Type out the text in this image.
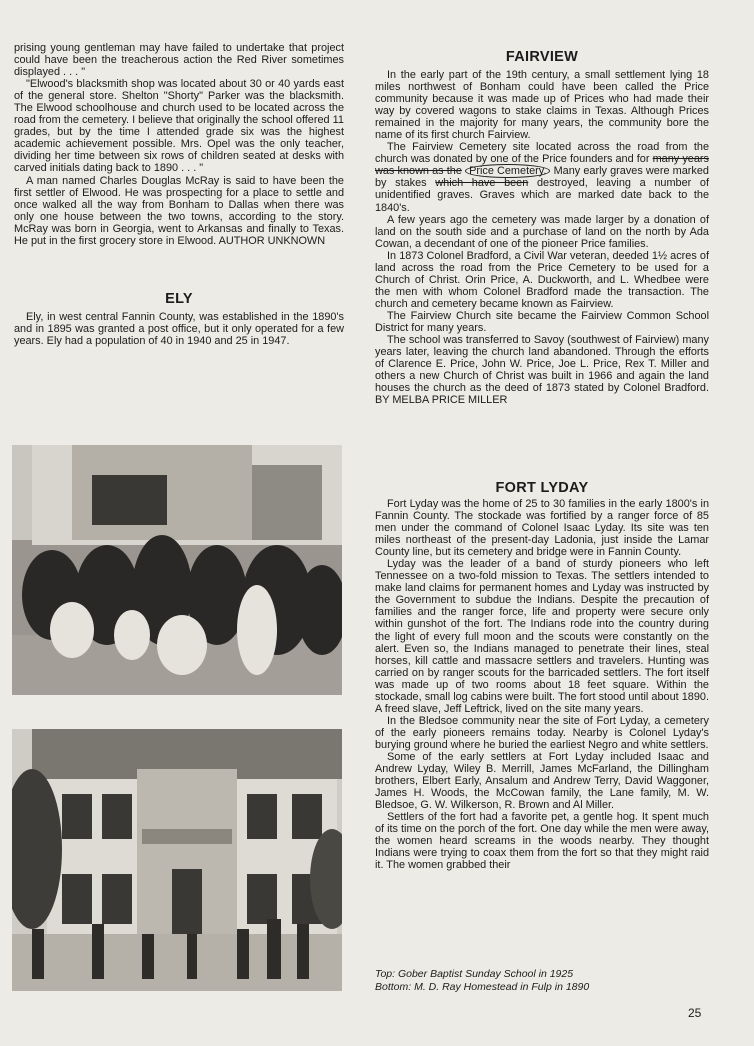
prising young gentleman may have failed to undertake that project could have been the treacherous action the Red River sometimes displayed . . . "

"Elwood's blacksmith shop was located about 30 or 40 yards east of the general store. Shelton "Shorty" Parker was the blacksmith. The Elwood schoolhouse and church used to be located across the road from the cemetery. I believe that originally the school offered 11 grades, but by the time I attended grade six was the highest academic achievement possible. Mrs. Opel was the only teacher, dividing her time between six rows of children seated at desks with carved initials dating back to 1890 . . . "

A man named Charles Douglas McRay is said to have been the first settler of Elwood. He was prospecting for a place to settle and once walked all the way from Bonham to Dallas when there was only one house between the two towns, according to the story. McRay was born in Georgia, went to Arkansas and finally to Texas. He put in the first grocery store in Elwood. AUTHOR UNKNOWN

ELY

Ely, in west central Fannin County, was established in the 1890's and in 1895 was granted a post office, but it only operated for a few years. Ely had a population of 40 in 1940 and 25 in 1947.

FAIRVIEW

In the early part of the 19th century, a small settlement lying 18 miles northwest of Bonham could have been called the Price community because it was made up of Prices who had made their way by covered wagons to stake claims in Texas. Although Prices remained in the majority for many years, the community bore the name of its first church Fairview.

The Fairview Cemetery site located across the road from the church was donated by one of the Price founders and for many years was known as the Price Cemetery. Many early graves were marked by stakes which have been destroyed, leaving a number of unidentified graves. Graves which are marked date back to the 1840's.

A few years ago the cemetery was made larger by a donation of land on the south side and a purchase of land on the north by Ada Cowan, a decendant of one of the pioneer Price families.

In 1873 Colonel Bradford, a Civil War veteran, deeded 1½ acres of land across the road from the Price Cemetery to be used for a Church of Christ. Orin Price, A. Duckworth, and L. Whedbee were the men with whom Colonel Bradford made the transaction. The church and cemetery became known as Fairview.

The Fairview Church site became the Fairview Common School District for many years.

The school was transferred to Savoy (southwest of Fairview) many years later, leaving the church land abandoned. Through the efforts of Clarence E. Price, John W. Price, Joe L. Price, Rex T. Miller and others a new Church of Christ was built in 1966 and again the land houses the church as the deed of 1873 stated by Colonel Bradford. BY MELBA PRICE MILLER

FORT LYDAY

Fort Lyday was the home of 25 to 30 families in the early 1800's in Fannin County. The stockade was fortified by a ranger force of 85 men under the command of Colonel Isaac Lyday. Its site was ten miles northeast of the present-day Ladonia, just inside the Lamar County line, but its cemetery and bridge were in Fannin County.

Lyday was the leader of a band of sturdy pioneers who left Tennessee on a two-fold mission to Texas. The settlers intended to make land claims for permanent homes and Lyday was instructed by the Government to subdue the Indians. Despite the precaution of families and the ranger force, life and property were secure only within gunshot of the fort. The Indians rode into the country during the light of every full moon and the scouts were constantly on the alert. Even so, the Indians managed to penetrate their lines, steal horses, kill cattle and massacre settlers and travelers. Hunting was carried on by ranger scouts for the barricaded settlers. The fort itself was made up of two rooms about 18 feet square. Within the stockade, small log cabins were built. The fort stood until about 1890. A freed slave, Jeff Leftrick, lived on the site many years.

In the Bledsoe community near the site of Fort Lyday, a cemetery of the early pioneers remains today. Nearby is Colonel Lyday's burying ground where he buried the earliest Negro and white settlers.

Some of the early settlers at Fort Lyday included Isaac and Andrew Lyday, Wiley B. Merrill, James McFarland, the Dillingham brothers, Elbert Early, Ansalum and Andrew Terry, David Waggoner, James H. Woods, the McCowan family, the Lane family, M. W. Bledsoe, G. W. Wilkerson, R. Brown and Al Miller.

Settlers of the fort had a favorite pet, a gentle hog. It spent much of its time on the porch of the fort. One day while the men were away, the women heard screams in the woods nearby. They thought Indians were trying to coax them from the fort so that they might raid it. The women grabbed their

Top: Gober Baptist Sunday School in 1925
Bottom: M. D. Ray Homestead in Fulp in 1890
25
